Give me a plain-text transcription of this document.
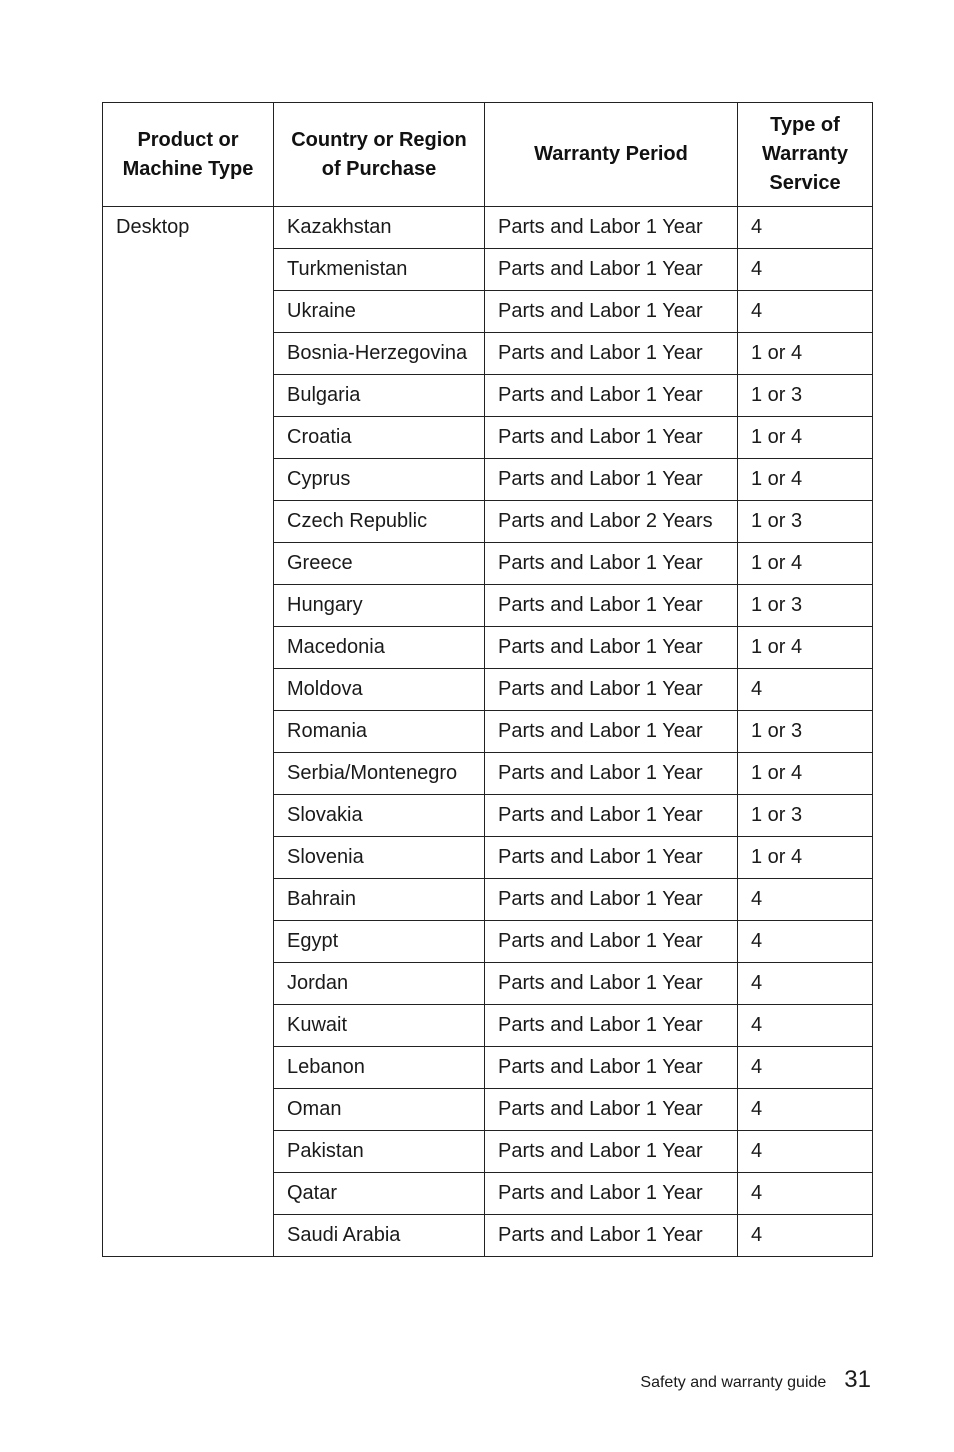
Product or Machine Type	Country or Region of Purchase	Warranty Period	Type of Warranty Service
Desktop	Kazakhstan	Parts and Labor 1 Year	4
	Turkmenistan	Parts and Labor 1 Year	4
	Ukraine	Parts and Labor 1 Year	4
	Bosnia-Herzegovina	Parts and Labor 1 Year	1 or 4
	Bulgaria	Parts and Labor 1 Year	1 or 3
	Croatia	Parts and Labor 1 Year	1 or 4
	Cyprus	Parts and Labor 1 Year	1 or 4
	Czech Republic	Parts and Labor 2 Years	1 or 3
	Greece	Parts and Labor 1 Year	1 or 4
	Hungary	Parts and Labor 1 Year	1 or 3
	Macedonia	Parts and Labor 1 Year	1 or 4
	Moldova	Parts and Labor 1 Year	4
	Romania	Parts and Labor 1 Year	1 or 3
	Serbia/Montenegro	Parts and Labor 1 Year	1 or 4
	Slovakia	Parts and Labor 1 Year	1 or 3
	Slovenia	Parts and Labor 1 Year	1 or 4
	Bahrain	Parts and Labor 1 Year	4
	Egypt	Parts and Labor 1 Year	4
	Jordan	Parts and Labor 1 Year	4
	Kuwait	Parts and Labor 1 Year	4
	Lebanon	Parts and Labor 1 Year	4
	Oman	Parts and Labor 1 Year	4
	Pakistan	Parts and Labor 1 Year	4
	Qatar	Parts and Labor 1 Year	4
	Saudi Arabia	Parts and Labor 1 Year	4
Safety and warranty guide 31
